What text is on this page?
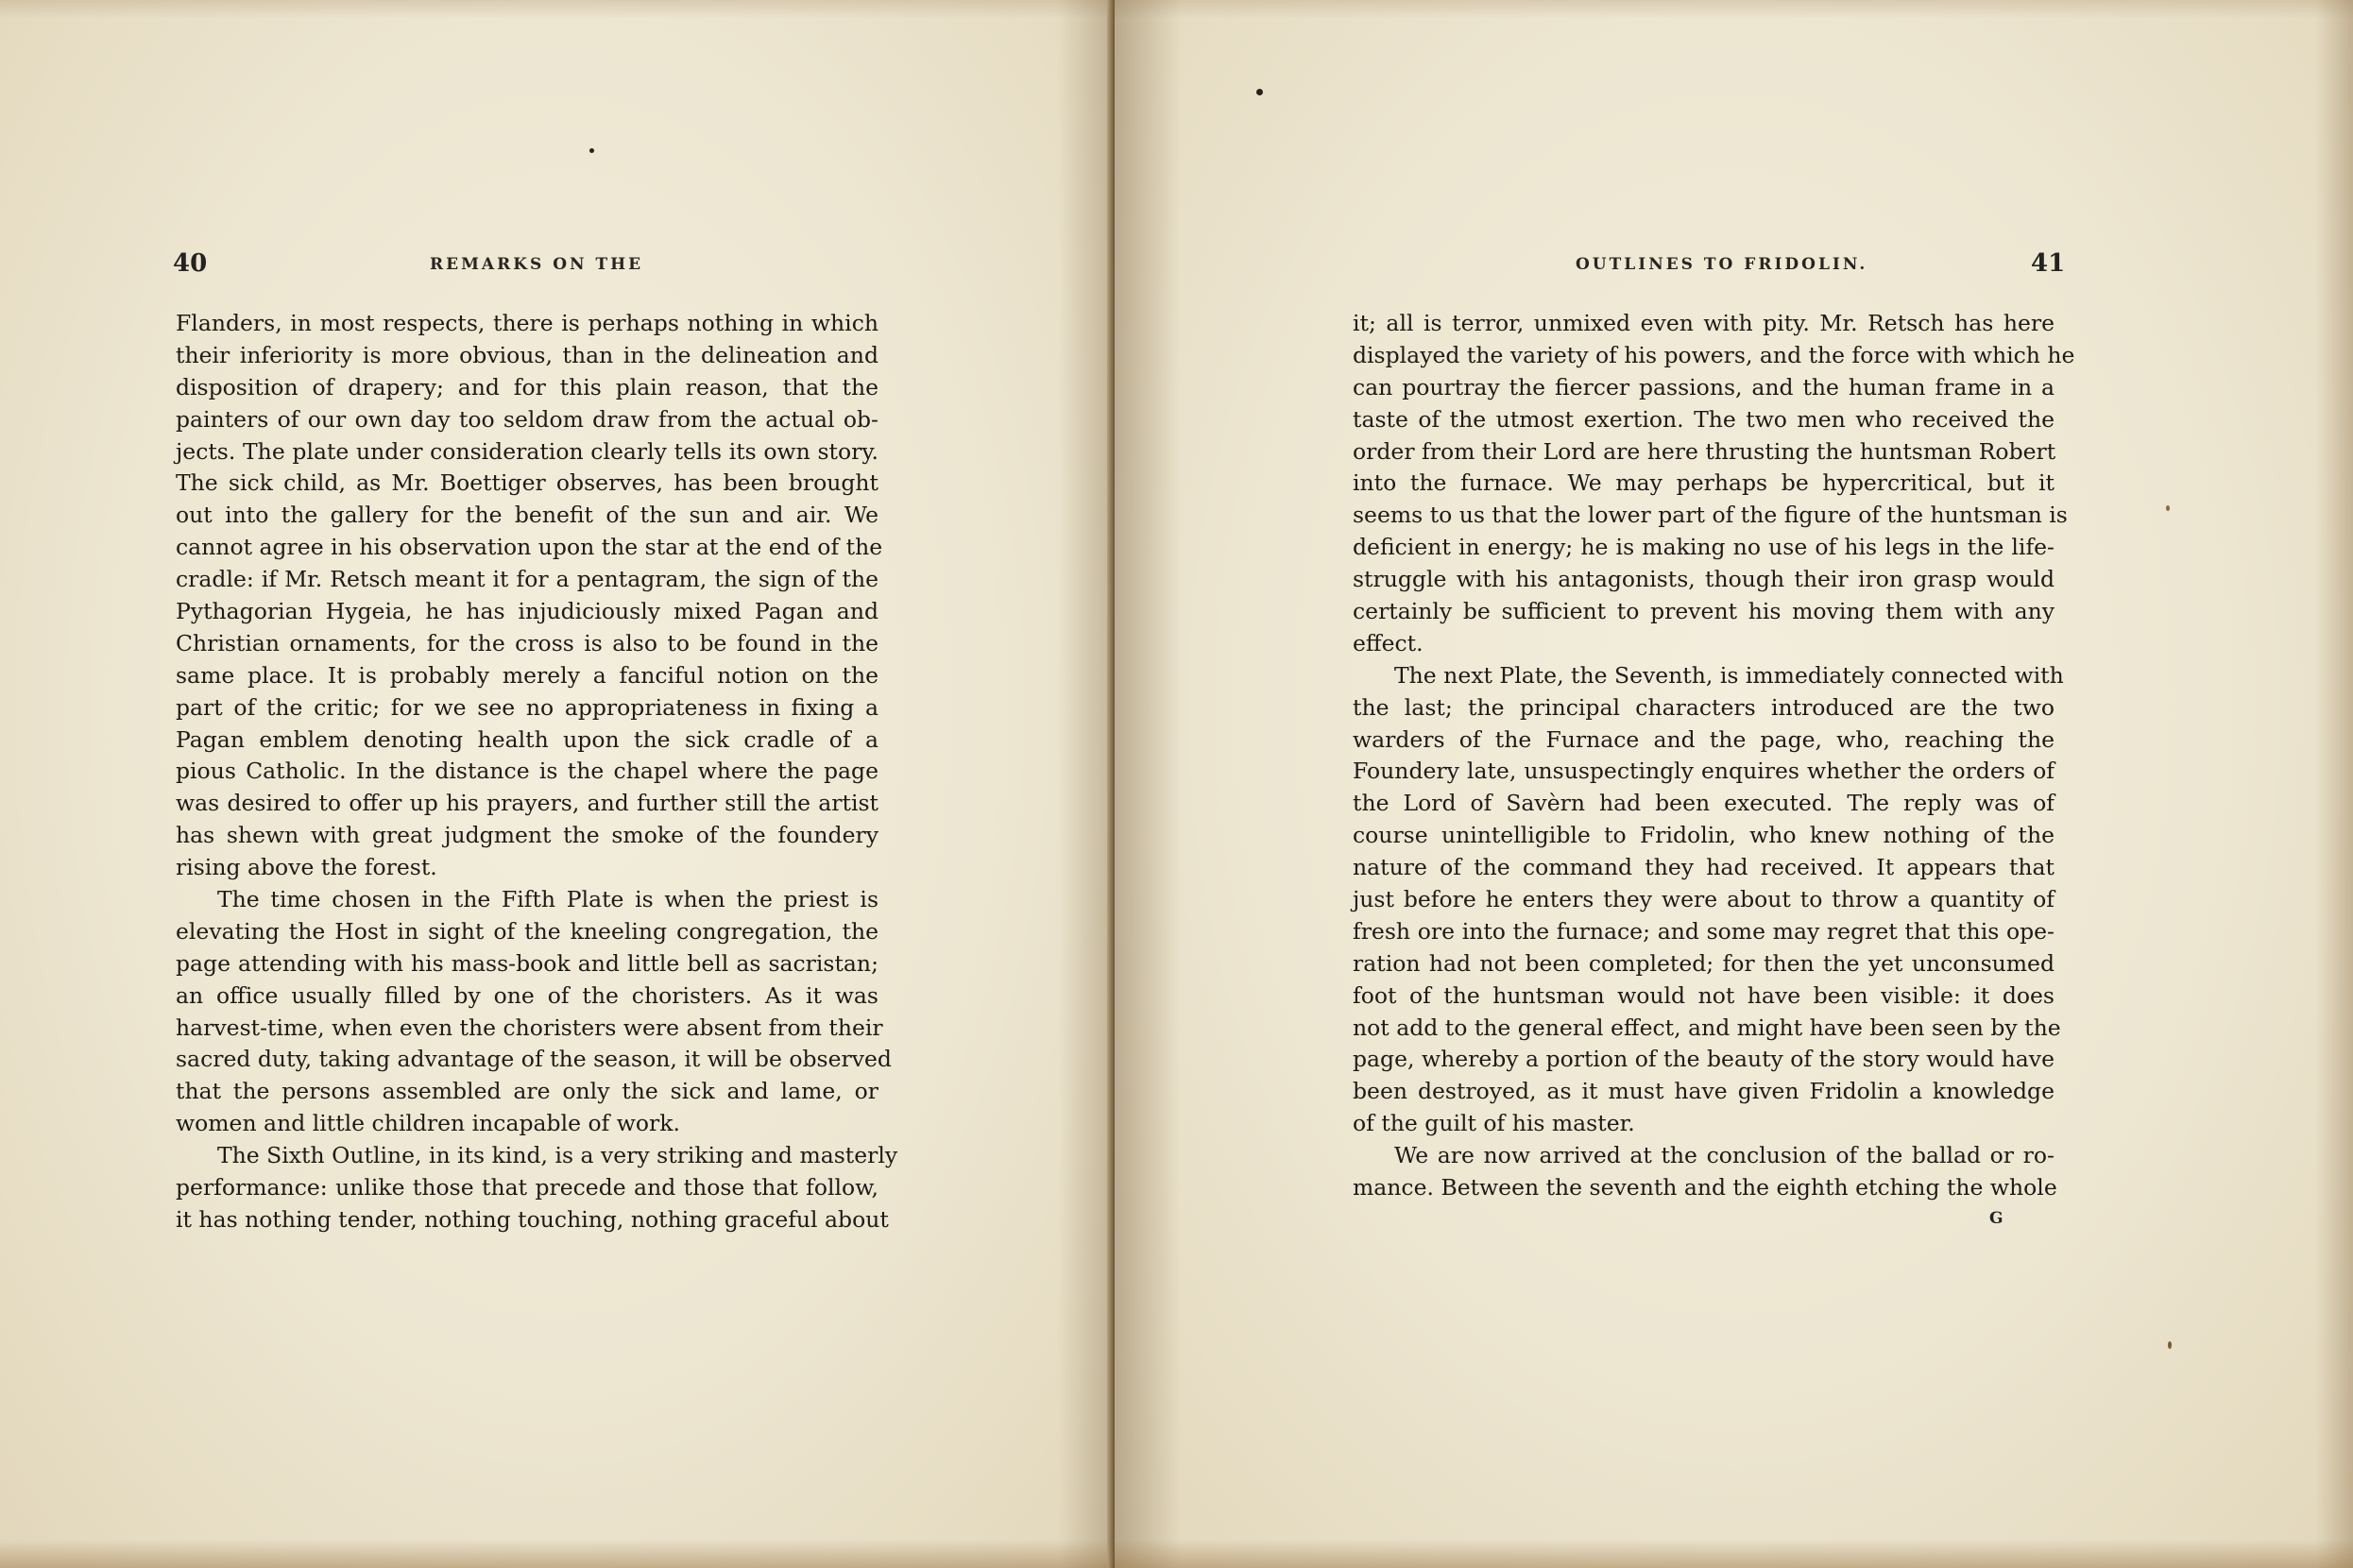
40	REMARKS ON THE
Flanders, in most respects, there is perhaps nothing in which
their inferiority is more obvious, than in the delineation and
disposition of drapery; and for this plain reason, that the
painters of our own day too seldom draw from the actual ob-
jects. The plate under consideration clearly tells its own story.
The sick child, as Mr. Boettiger observes, has been brought
out into the gallery for the benefit of the sun and air. We
cannot agree in his observation upon the star at the end of the
cradle: if Mr. Retsch meant it for a pentagram, the sign of the
Pythagorian Hygeia, he has injudiciously mixed Pagan and
Christian ornaments, for the cross is also to be found in the
same place. It is probably merely a fanciful notion on the
part of the critic; for we see no appropriateness in fixing a
Pagan emblem denoting health upon the sick cradle of a
pious Catholic. In the distance is the chapel where the page
was desired to offer up his prayers, and further still the artist
has shewn with great judgment the smoke of the foundery
rising above the forest.
The time chosen in the Fifth Plate is when the priest is
elevating the Host in sight of the kneeling congregation, the
page attending with his mass-book and little bell as sacristan;
an office usually filled by one of the choristers. As it was
harvest-time, when even the choristers were absent from their
sacred duty, taking advantage of the season, it will be observed
that the persons assembled are only the sick and lame, or
women and little children incapable of work.
The Sixth Outline, in its kind, is a very striking and masterly
performance: unlike those that precede and those that follow,
it has nothing tender, nothing touching, nothing graceful about
OUTLINES TO FRIDOLIN.	41
it; all is terror, unmixed even with pity. Mr. Retsch has here
displayed the variety of his powers, and the force with which he
can pourtray the fiercer passions, and the human frame in a
taste of the utmost exertion. The two men who received the
order from their Lord are here thrusting the huntsman Robert
into the furnace. We may perhaps be hypercritical, but it
seems to us that the lower part of the figure of the huntsman is
deficient in energy; he is making no use of his legs in the life-
struggle with his antagonists, though their iron grasp would
certainly be sufficient to prevent his moving them with any
effect.
The next Plate, the Seventh, is immediately connected with
the last; the principal characters introduced are the two
warders of the Furnace and the page, who, reaching the
Foundery late, unsuspectingly enquires whether the orders of
the Lord of Savèrn had been executed. The reply was of
course unintelligible to Fridolin, who knew nothing of the
nature of the command they had received. It appears that
just before he enters they were about to throw a quantity of
fresh ore into the furnace; and some may regret that this ope-
ration had not been completed; for then the yet unconsumed
foot of the huntsman would not have been visible: it does
not add to the general effect, and might have been seen by the
page, whereby a portion of the beauty of the story would have
been destroyed, as it must have given Fridolin a knowledge
of the guilt of his master.
We are now arrived at the conclusion of the ballad or ro-
mance. Between the seventh and the eighth etching the whole
G
